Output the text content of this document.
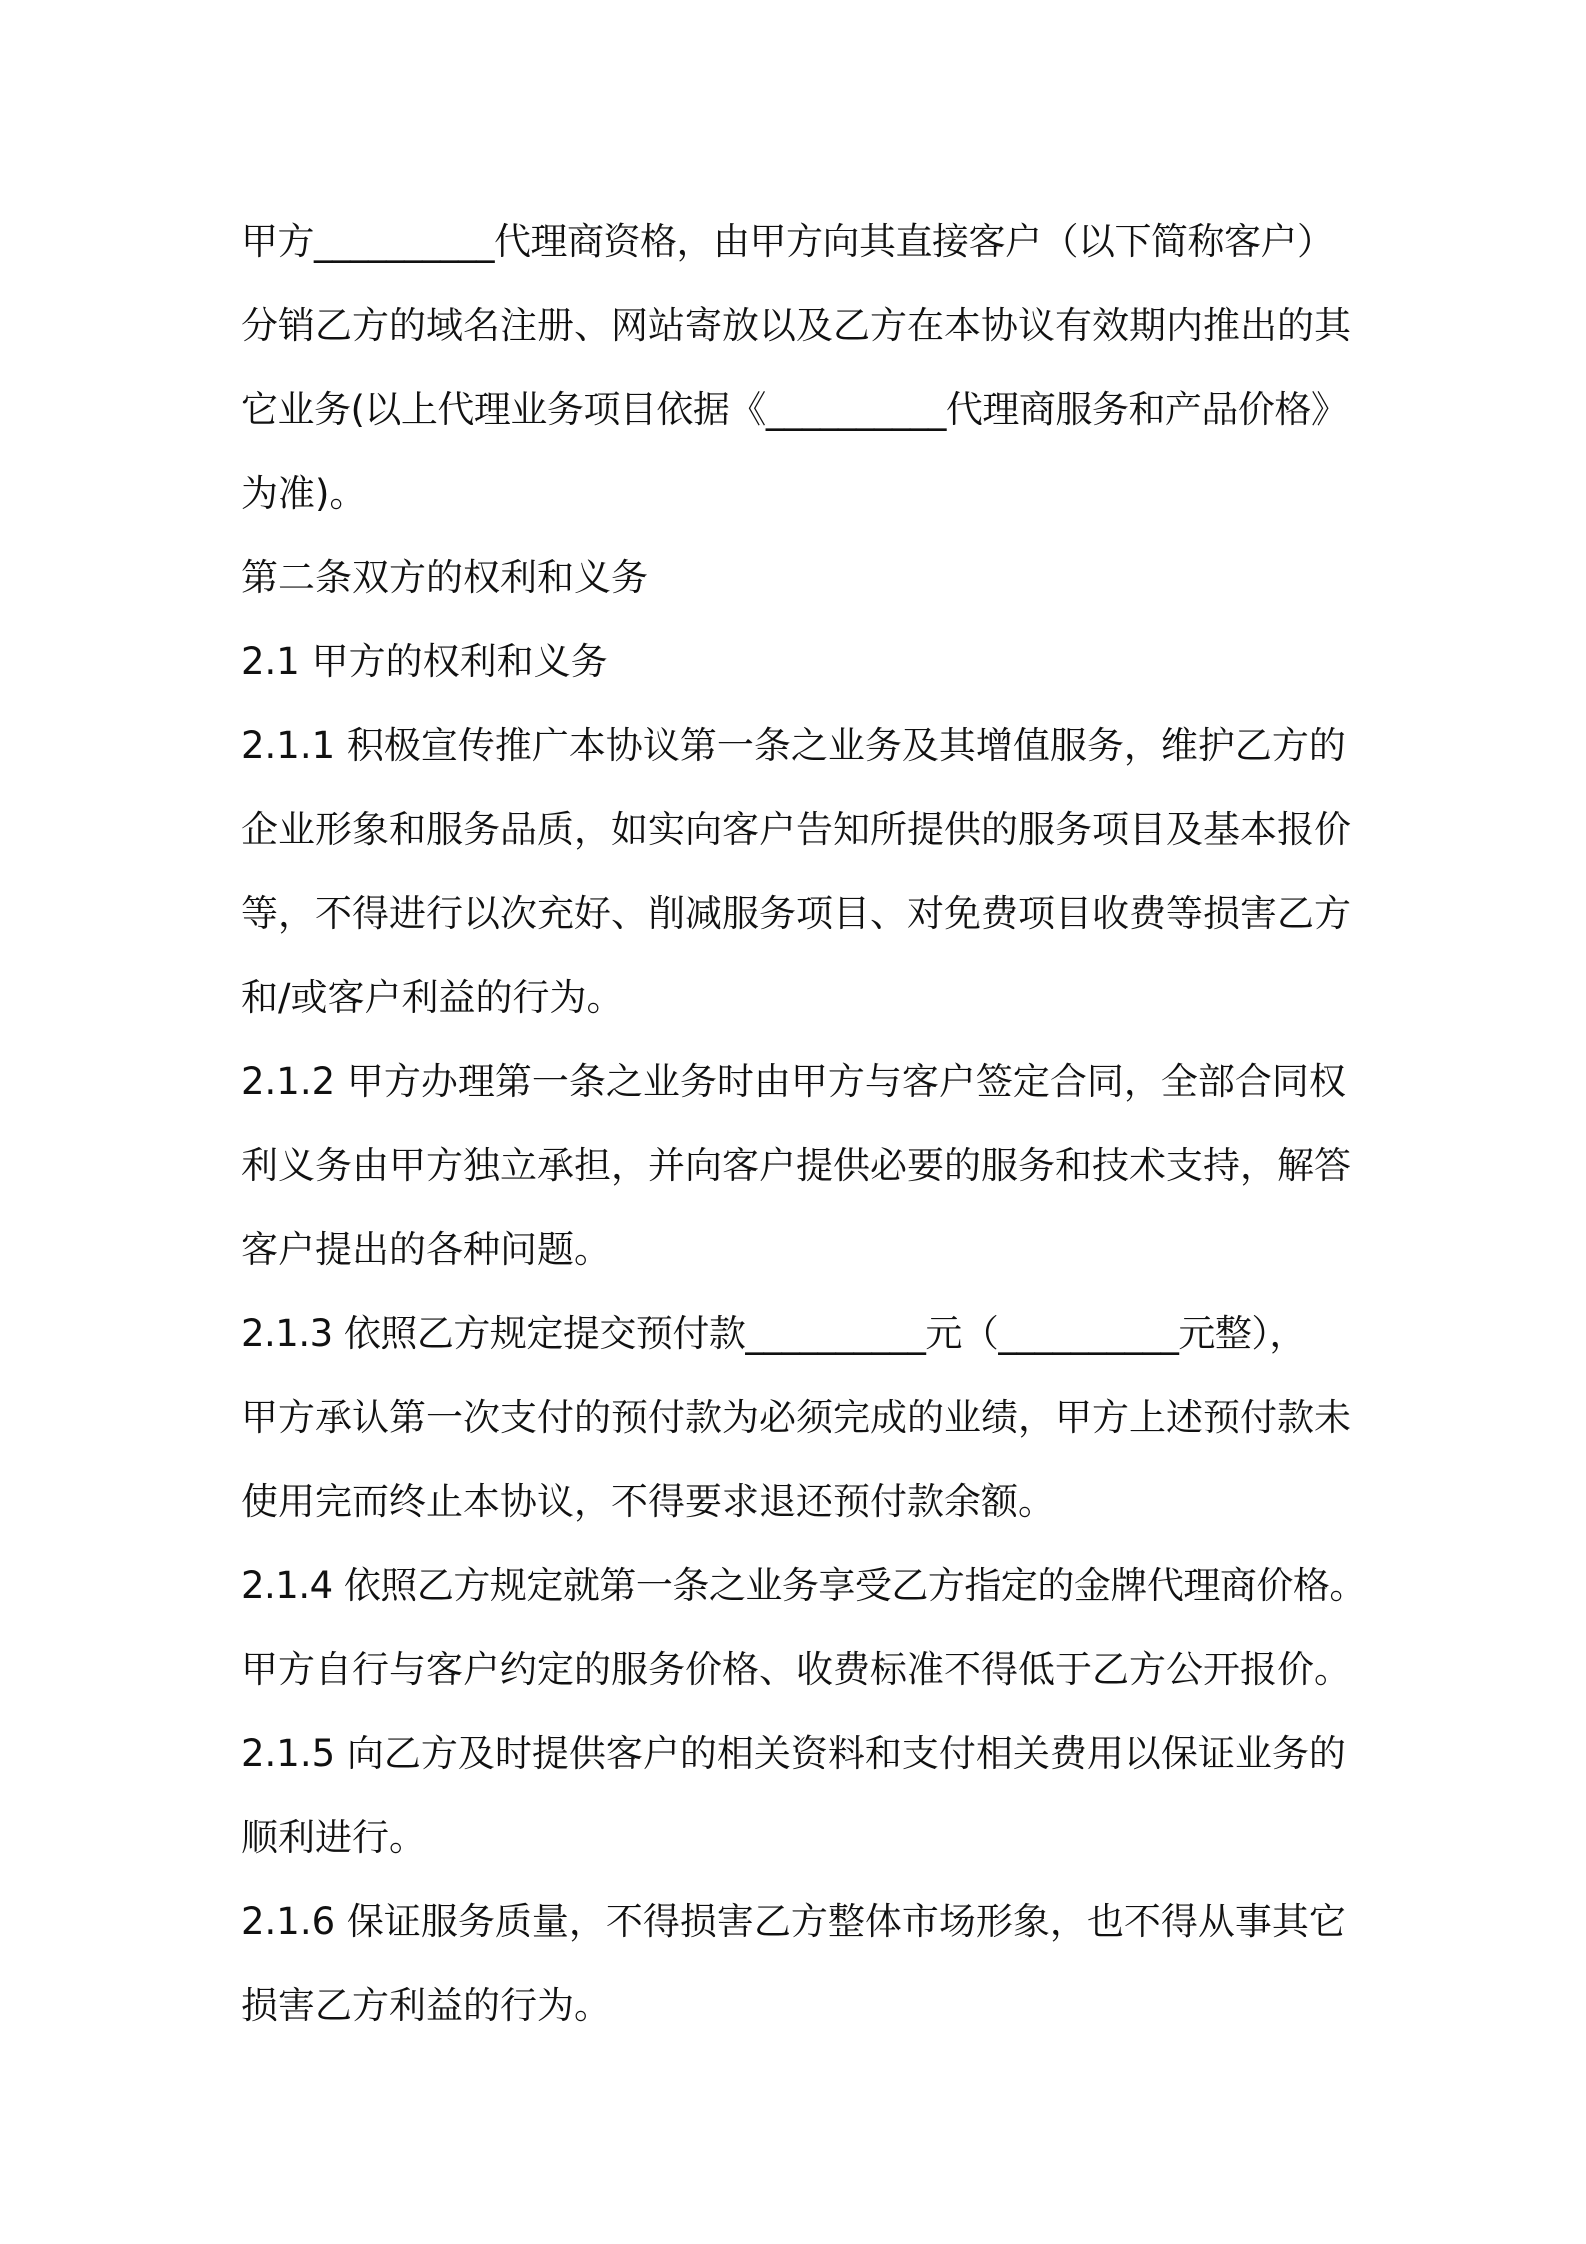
甲方__________代理商资格，由甲方向其直接客户（以下简称客户）
分销乙方的域名注册、网站寄放以及乙方在本协议有效期内推出的其
它业务(以上代理业务项目依据《__________代理商服务和产品价格》
为准)。
第二条双方的权利和义务
2.1 甲方的权利和义务
2.1.1 积极宣传推广本协议第一条之业务及其增值服务，维护乙方的
企业形象和服务品质，如实向客户告知所提供的服务项目及基本报价
等，不得进行以次充好、削减服务项目、对免费项目收费等损害乙方
和/或客户利益的行为。
2.1.2 甲方办理第一条之业务时由甲方与客户签定合同，全部合同权
利义务由甲方独立承担，并向客户提供必要的服务和技术支持，解答
客户提出的各种问题。
2.1.3 依照乙方规定提交预付款__________元（__________元整），
甲方承认第一次支付的预付款为必须完成的业绩，甲方上述预付款未
使用完而终止本协议，不得要求退还预付款余额。
2.1.4 依照乙方规定就第一条之业务享受乙方指定的金牌代理商价格。
甲方自行与客户约定的服务价格、收费标准不得低于乙方公开报价。
2.1.5 向乙方及时提供客户的相关资料和支付相关费用以保证业务的
顺利进行。
2.1.6 保证服务质量，不得损害乙方整体市场形象，也不得从事其它
损害乙方利益的行为。
